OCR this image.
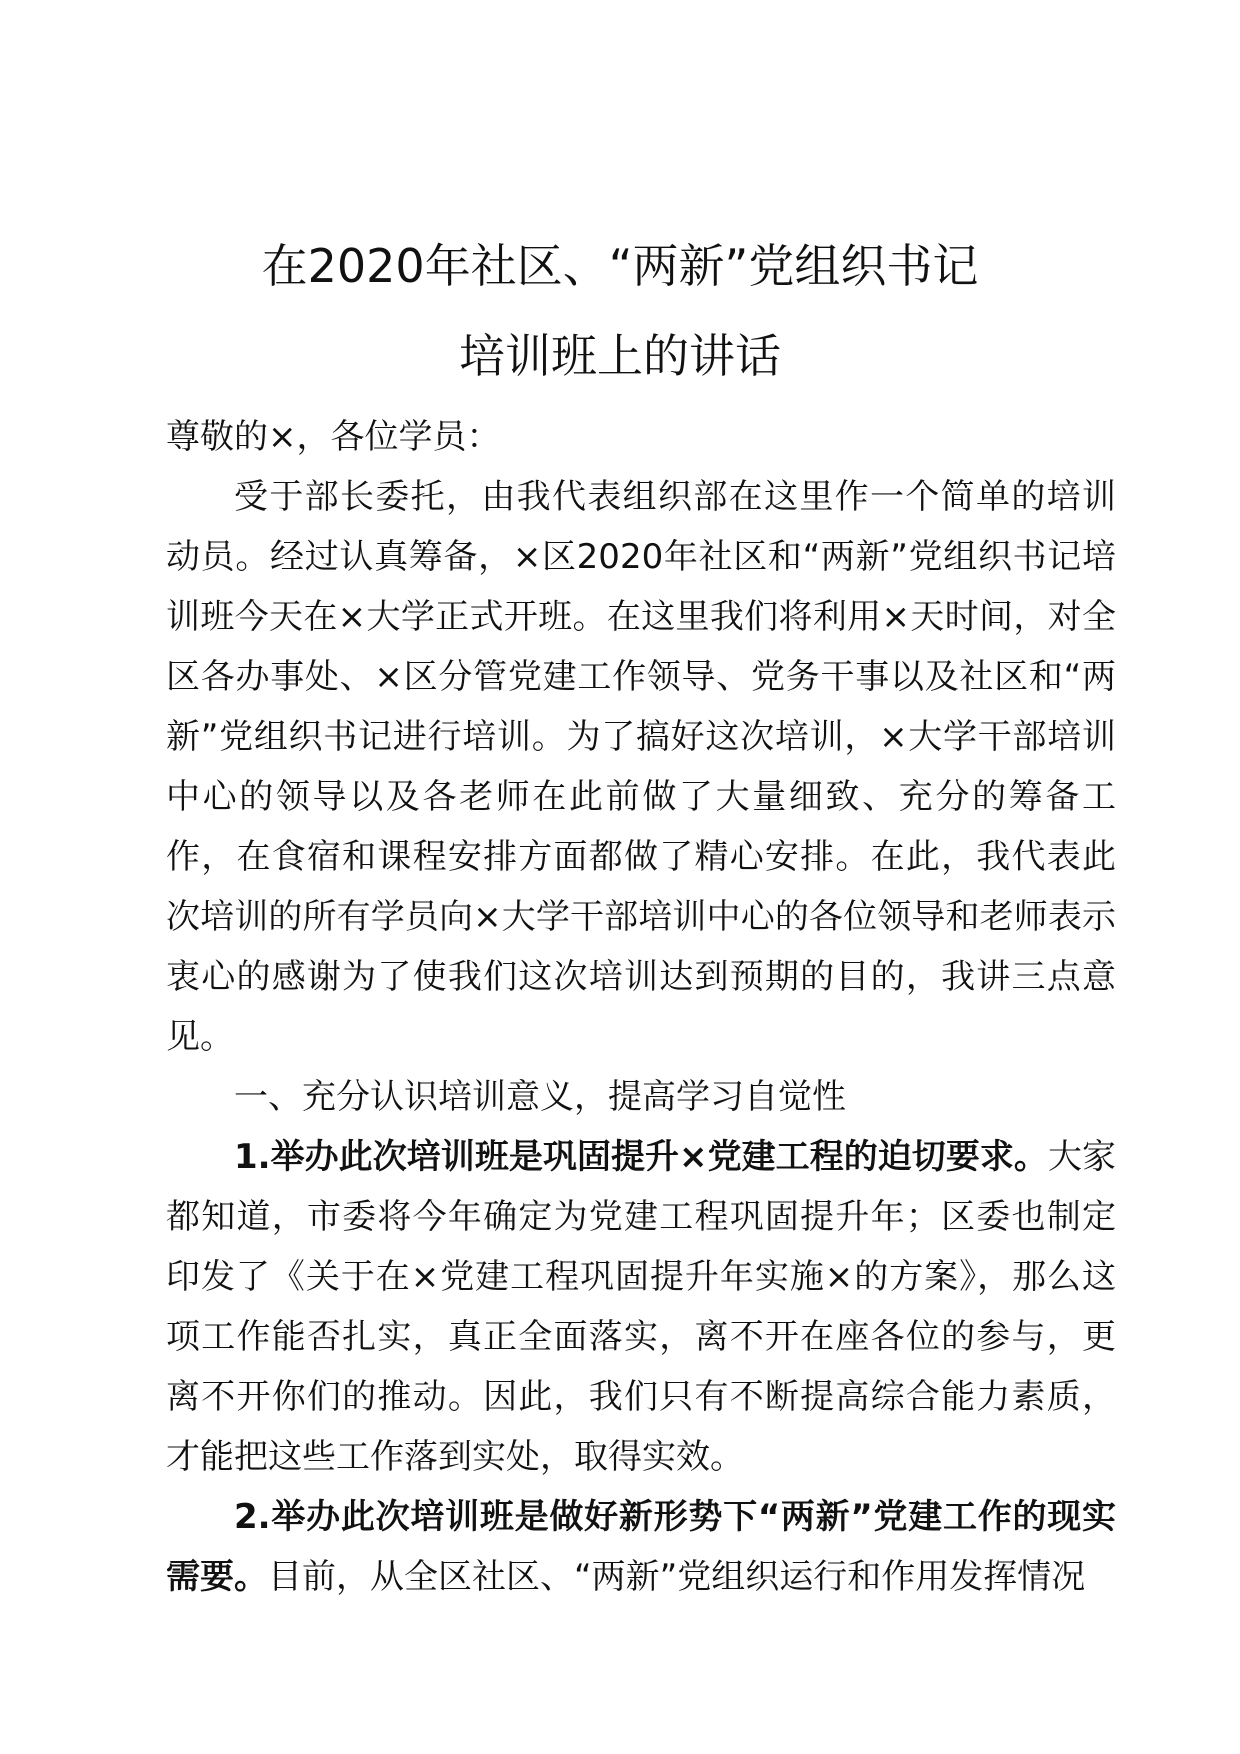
在2020年社区、“两新”党组织书记
培训班上的讲话

尊敬的×，各位学员：

受于部长委托，由我代表组织部在这里作一个简单的培训动员。经过认真筹备，×区2020年社区和“两新”党组织书记培训班今天在×大学正式开班。在这里我们将利用×天时间，对全区各办事处、×区分管党建工作领导、党务干事以及社区和“两新”党组织书记进行培训。为了搞好这次培训，×大学干部培训中心的领导以及各老师在此前做了大量细致、充分的筹备工作，在食宿和课程安排方面都做了精心安排。在此，我代表此次培训的所有学员向×大学干部培训中心的各位领导和老师表示衷心的感谢为了使我们这次培训达到预期的目的，我讲三点意见。

一、充分认识培训意义，提高学习自觉性

1.举办此次培训班是巩固提升×党建工程的迫切要求。大家都知道，市委将今年确定为党建工程巩固提升年；区委也制定印发了《关于在×党建工程巩固提升年实施×的方案》，那么这项工作能否扎实，真正全面落实，离不开在座各位的参与，更离不开你们的推动。因此，我们只有不断提高综合能力素质，才能把这些工作落到实处，取得实效。

2.举办此次培训班是做好新形势下“两新”党建工作的现实需要。目前，从全区社区、“两新”党组织运行和作用发挥情况
